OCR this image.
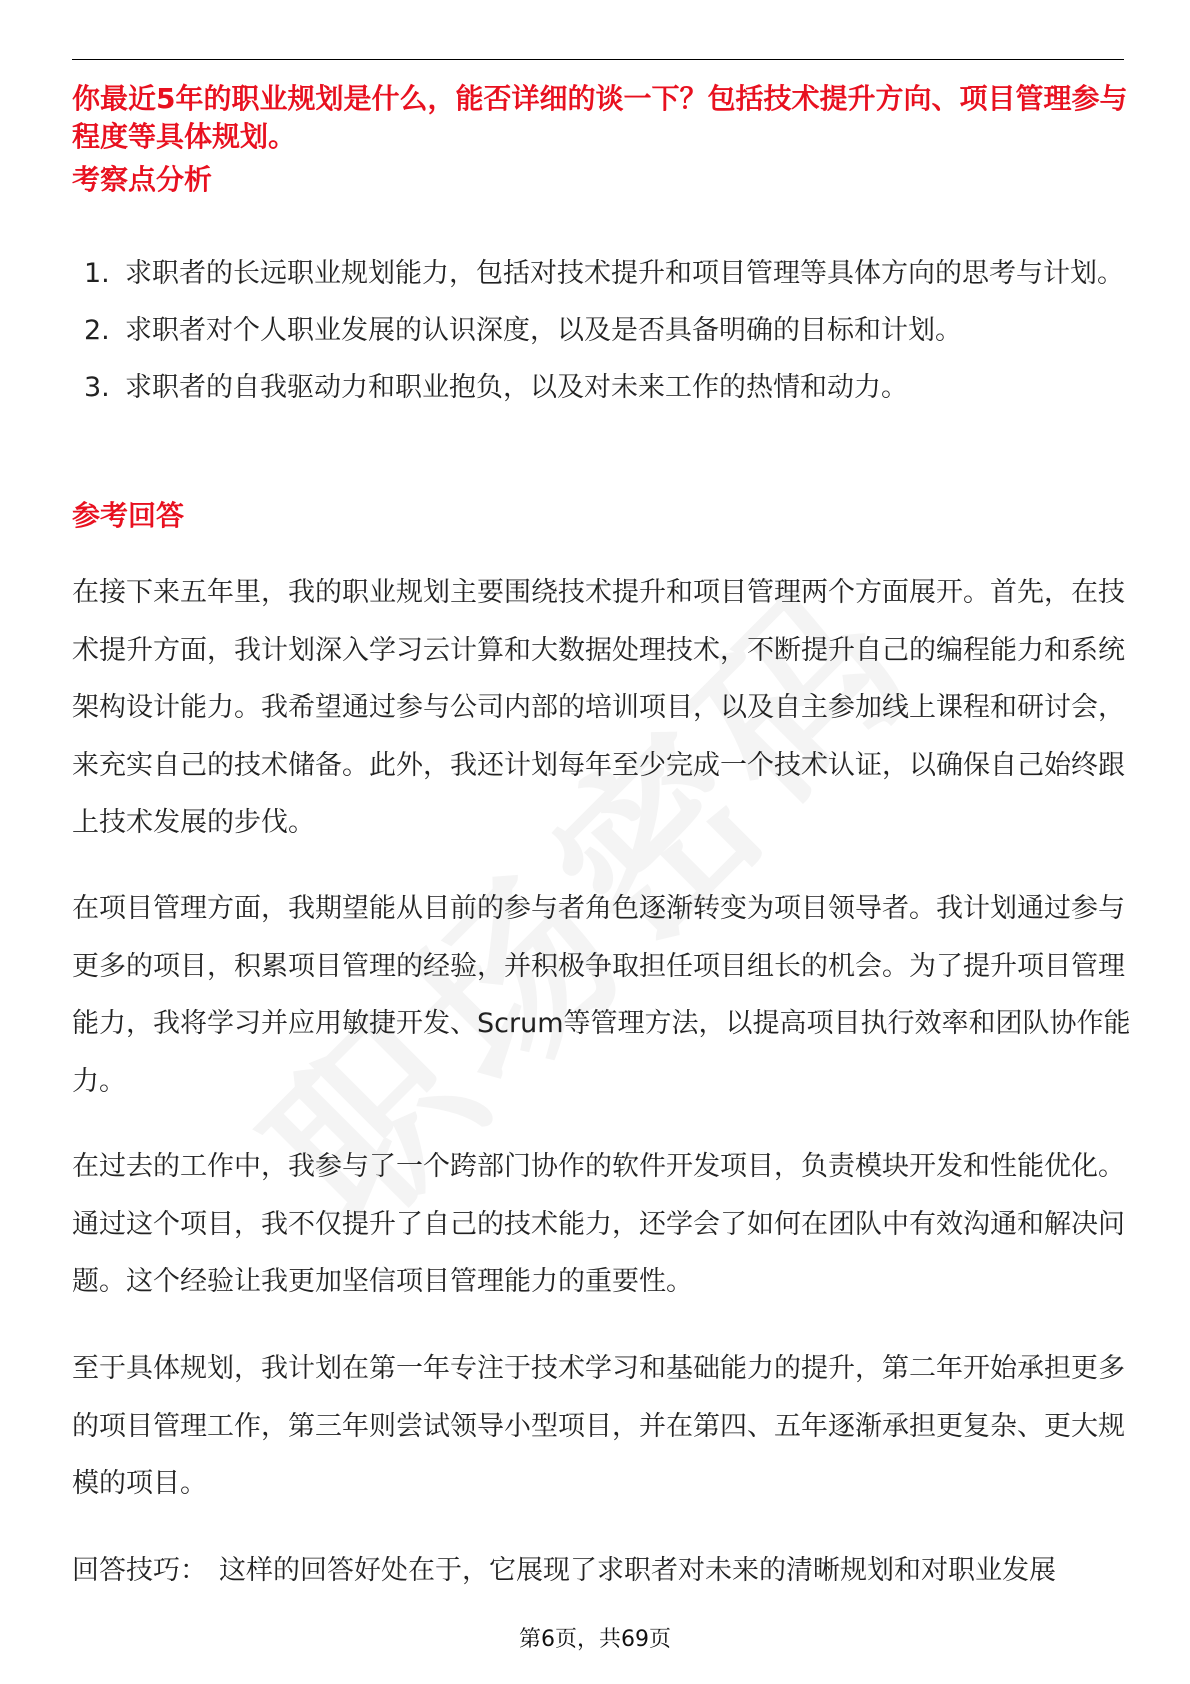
你最近5年的职业规划是什么，能否详细的谈一下？包括技术提升方向、项目管理参与程度等具体规划。
考察点分析
1. 求职者的长远职业规划能力，包括对技术提升和项目管理等具体方向的思考与计划。
2. 求职者对个人职业发展的认识深度，以及是否具备明确的目标和计划。
3. 求职者的自我驱动力和职业抱负，以及对未来工作的热情和动力。
参考回答

在接下来五年里，我的职业规划主要围绕技术提升和项目管理两个方面展开。首先，在技术提升方面，我计划深入学习云计算和大数据处理技术，不断提升自己的编程能力和系统架构设计能力。我希望通过参与公司内部的培训项目，以及自主参加线上课程和研讨会，来充实自己的技术储备。此外，我还计划每年至少完成一个技术认证，以确保自己始终跟上技术发展的步伐。

在项目管理方面，我期望能从目前的参与者角色逐渐转变为项目领导者。我计划通过参与更多的项目，积累项目管理的经验，并积极争取担任项目组长的机会。为了提升项目管理能力，我将学习并应用敏捷开发、Scrum等管理方法，以提高项目执行效率和团队协作能力。

在过去的工作中，我参与了一个跨部门协作的软件开发项目，负责模块开发和性能优化。通过这个项目，我不仅提升了自己的技术能力，还学会了如何在团队中有效沟通和解决问题。这个经验让我更加坚信项目管理能力的重要性。

至于具体规划，我计划在第一年专注于技术学习和基础能力的提升，第二年开始承担更多的项目管理工作，第三年则尝试领导小型项目，并在第四、五年逐渐承担更复杂、更大规模的项目。

回答技巧： 这样的回答好处在于，它展现了求职者对未来的清晰规划和对职业发展

第6页，共69页
